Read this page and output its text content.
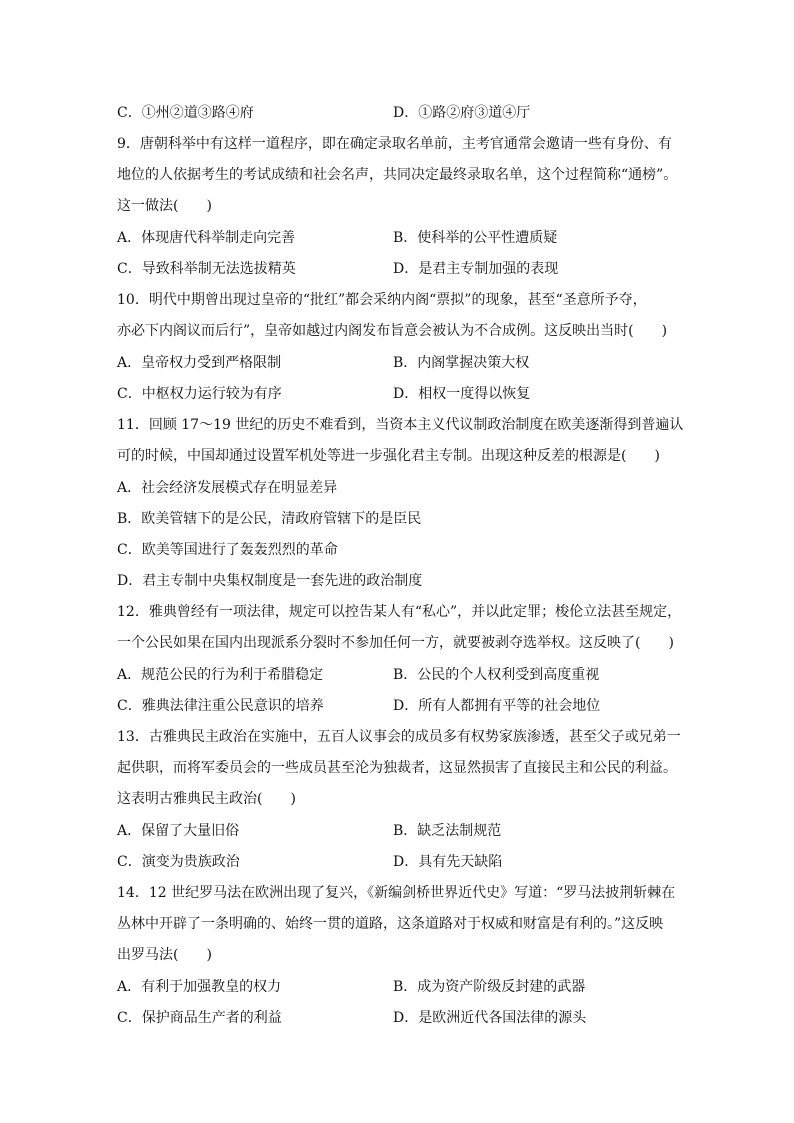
C．①州②道③路④府	D．①路②府③道④厅
9．唐朝科举中有这样一道程序，即在确定录取名单前，主考官通常会邀请一些有身份、有
地位的人依据考生的考试成绩和社会名声，共同决定最终录取名单，这个过程简称“通榜”。
这一做法(　　)
A．体现唐代科举制走向完善	B．使科举的公平性遭质疑
C．导致科举制无法选拔精英	D．是君主专制加强的表现
10．明代中期曾出现过皇帝的“批红”都会采纳内阁“票拟”的现象，甚至“圣意所予夺，
亦必下内阁议而后行”，皇帝如越过内阁发布旨意会被认为不合成例。这反映出当时(　　)
A．皇帝权力受到严格限制	B．内阁掌握决策大权
C．中枢权力运行较为有序	D．相权一度得以恢复
11．回顾 17～19 世纪的历史不难看到，当资本主义代议制政治制度在欧美逐渐得到普遍认
可的时候，中国却通过设置军机处等进一步强化君主专制。出现这种反差的根源是(　　)
A．社会经济发展模式存在明显差异
B．欧美管辖下的是公民，清政府管辖下的是臣民
C．欧美等国进行了轰轰烈烈的革命
D．君主专制中央集权制度是一套先进的政治制度
12．雅典曾经有一项法律，规定可以控告某人有“私心”，并以此定罪；梭伦立法甚至规定，
一个公民如果在国内出现派系分裂时不参加任何一方，就要被剥夺选举权。这反映了(　　)
A．规范公民的行为利于希腊稳定	B．公民的个人权利受到高度重视
C．雅典法律注重公民意识的培养	D．所有人都拥有平等的社会地位
13．古雅典民主政治在实施中，五百人议事会的成员多有权势家族渗透，甚至父子或兄弟一
起供职，而将军委员会的一些成员甚至沦为独裁者，这显然损害了直接民主和公民的利益。
这表明古雅典民主政治(　　)
A．保留了大量旧俗	B．缺乏法制规范
C．演变为贵族政治	D．具有先天缺陷
14．12 世纪罗马法在欧洲出现了复兴，《新编剑桥世界近代史》写道：“罗马法披荆斩棘在
丛林中开辟了一条明确的、始终一贯的道路，这条道路对于权威和财富是有利的。”这反映
出罗马法(　　)
A．有利于加强教皇的权力	B．成为资产阶级反封建的武器
C．保护商品生产者的利益	D．是欧洲近代各国法律的源头
